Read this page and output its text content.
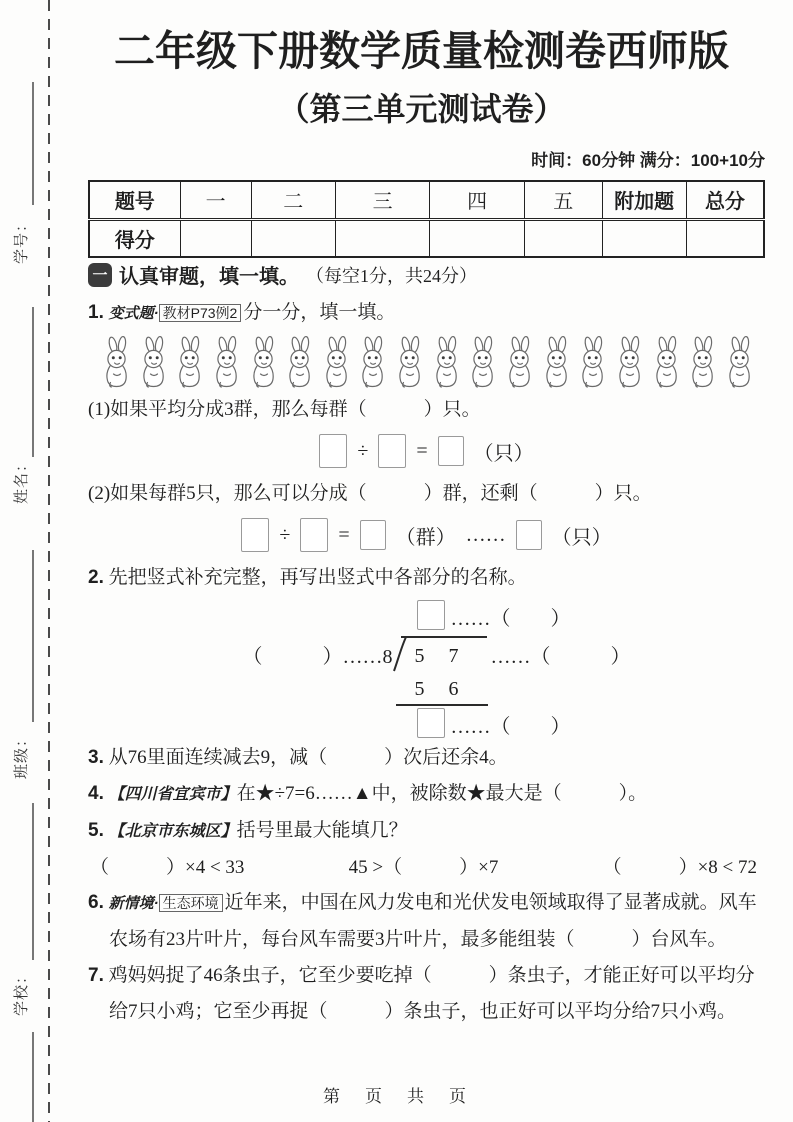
学号：
姓名：
班级：
学校：
二年级下册数学质量检测卷西师版
（第三单元测试卷）
时间：60分钟 满分：100+10分
题号	一	二	三	四	五	附加题	总分
得分							
一 认真审题，填一填。 （每空1分，共24分）
1. 变式题· 教材P73例2 分一分，填一填。
(1)如果平均分成3群，那么每群（　　　）只。
÷ = （只）
(2)如果每群5只，那么可以分成（　　　）群，还剩（　　　）只。
÷ = （群） …… （只）
2. 先把竖式补充完整，再写出竖式中各部分的名称。
……（　　）
（　　　）……8	5　7	……（　　　）
5　6
……（　　）
3. 从76里面连续减去9，减（　　　）次后还余4。
4. 【四川省宜宾市】在★÷7=6……▲中，被除数★最大是（　　　）。
5. 【北京市东城区】括号里最大能填几？
（　　　）×4 < 33	45 >（　　　）×7	（　　　）×8 < 72
6. 新情境· 生态环境 近年来，中国在风力发电和光伏发电领域取得了显著成就。风车农场有23片叶片，每台风车需要3片叶片，最多能组装（　　　）台风车。
7. 鸡妈妈捉了46条虫子，它至少要吃掉（　　　）条虫子，才能正好可以平均分给7只小鸡；它至少再捉（　　　）条虫子，也正好可以平均分给7只小鸡。
第　页　共　页
